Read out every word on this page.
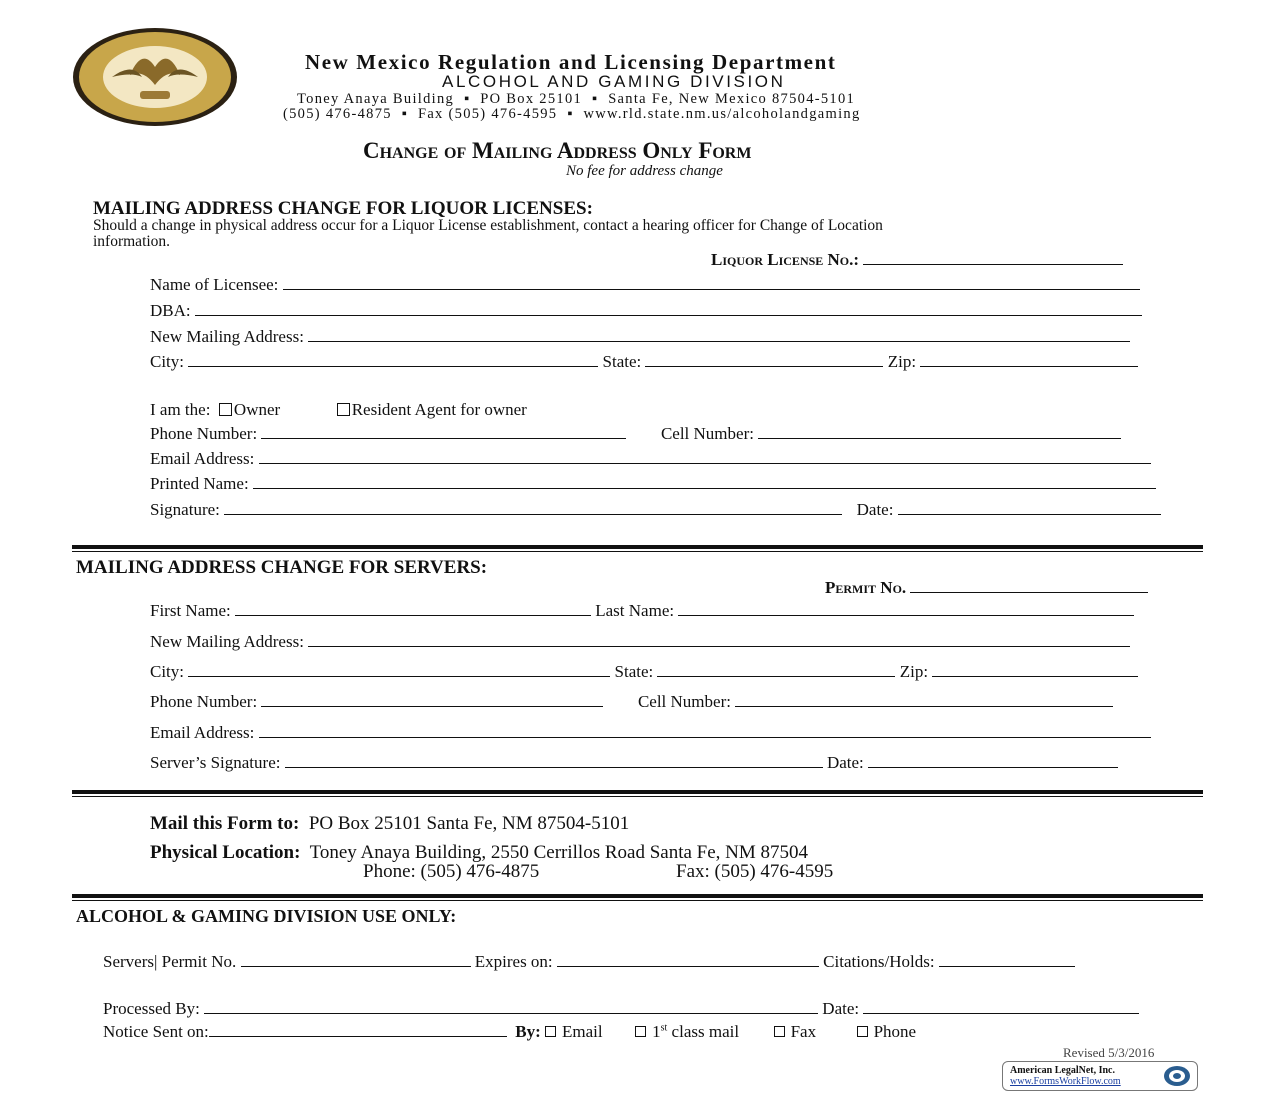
New Mexico Regulation and Licensing Department
ALCOHOL AND GAMING DIVISION
Toney Anaya Building  ▪  PO Box 25101  ▪  Santa Fe, New Mexico 87504-5101
(505) 476-4875  ▪  Fax (505) 476-4595  ▪  www.rld.state.nm.us/alcoholandgaming
Change of Mailing Address Only Form
No fee for address change
MAILING ADDRESS CHANGE FOR LIQUOR LICENSES:
Should a change in physical address occur for a Liquor License establishment, contact a hearing officer for Change of Location
information.
Liquor License No.:
Name of Licensee:
DBA:
New Mailing Address:
City:	State:	Zip:
I am the: Owner	Resident Agent for owner
Phone Number:	Cell Number:
Email Address:
Printed Name:
Signature:	Date:
MAILING ADDRESS CHANGE FOR SERVERS:
Permit No.
First Name:	Last Name:
New Mailing Address:
City:	State:	Zip:
Phone Number:	Cell Number:
Email Address:
Server’s Signature:	Date:
Mail this Form to: PO Box 25101 Santa Fe, NM 87504-5101
Physical Location: Toney Anaya Building, 2550 Cerrillos Road Santa Fe, NM 87504
Phone: (505) 476-4875	Fax: (505) 476-4595
ALCOHOL & GAMING DIVISION USE ONLY:
Servers| Permit No.	Expires on:	Citations/Holds:
Processed By:	Date:
Notice Sent on:	By: Email	1st class mail	Fax	Phone
Revised 5/3/2016
American LegalNet, Inc.
www.FormsWorkFlow.com
